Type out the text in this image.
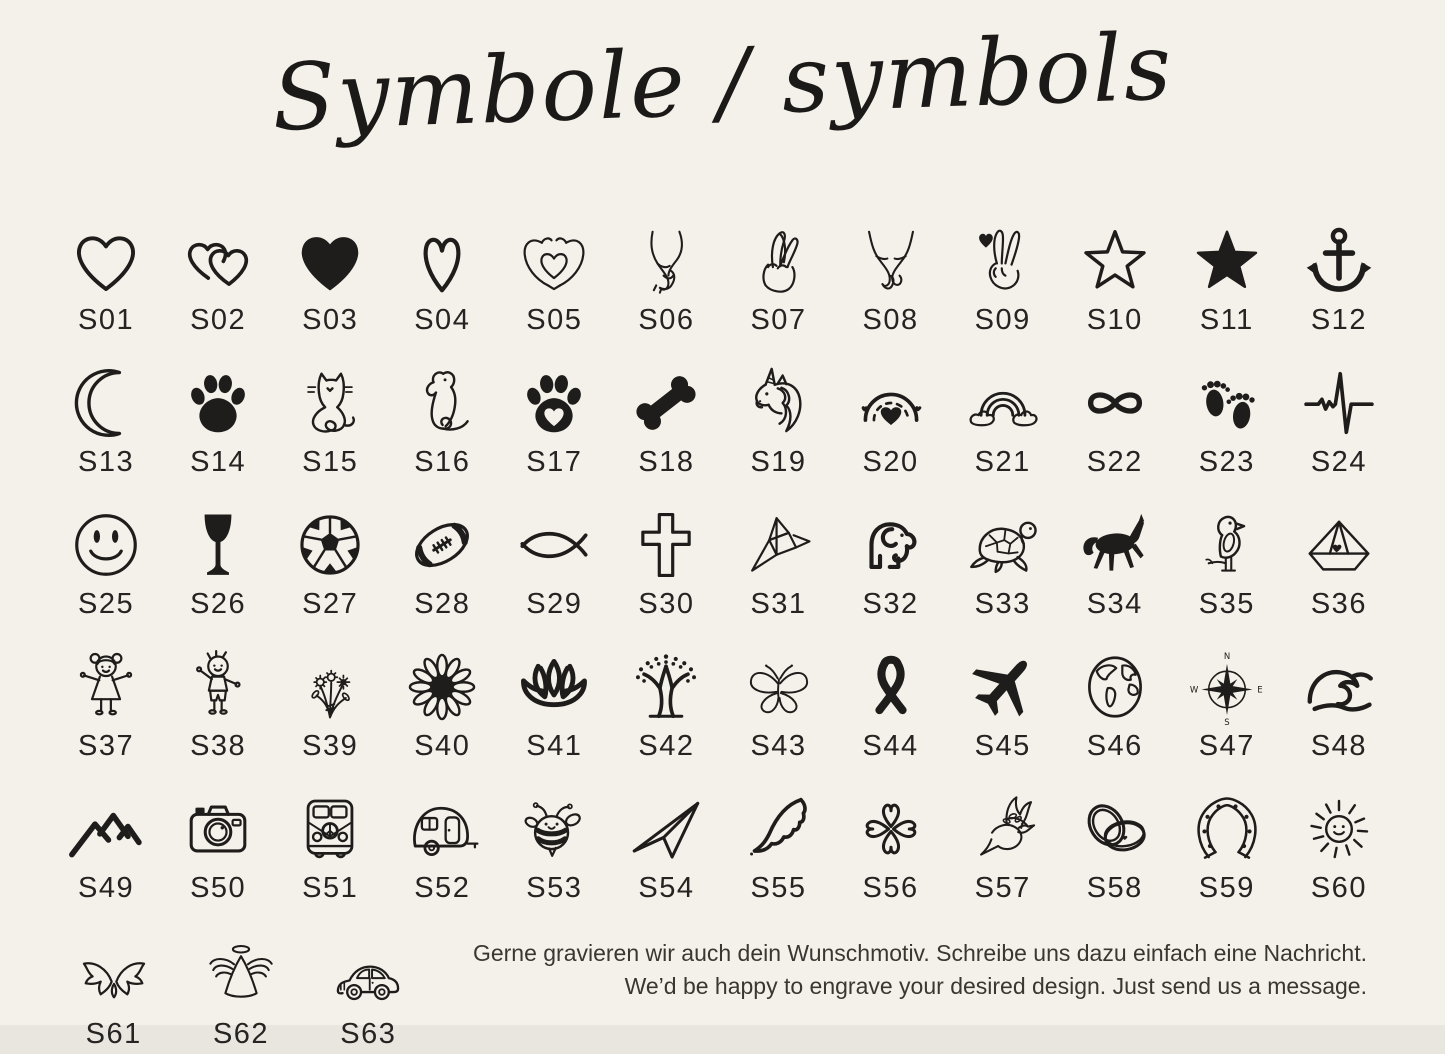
Symbole / symbols
S01 S02 S03 S04 S05 S06 S07 S08 S09 S10 S11 S12
S13 S14 S15 S16 S17 S18 S19 S20 S21 S22 S23 S24
S25 S26 S27 S28 S29 S30 S31 S32 S33 S34 S35 S36
S37 S38 S39 S40 S41 S42 S43 S44 S45 S46 S47 S48
S49 S50 S51 S52 S53 S54 S55 S56 S57 S58 S59 S60
S61 S62 S63
Gerne gravieren wir auch dein Wunschmotiv. Schreibe uns dazu einfach eine Nachricht.
We’d be happy to engrave your desired design. Just send us a message.
